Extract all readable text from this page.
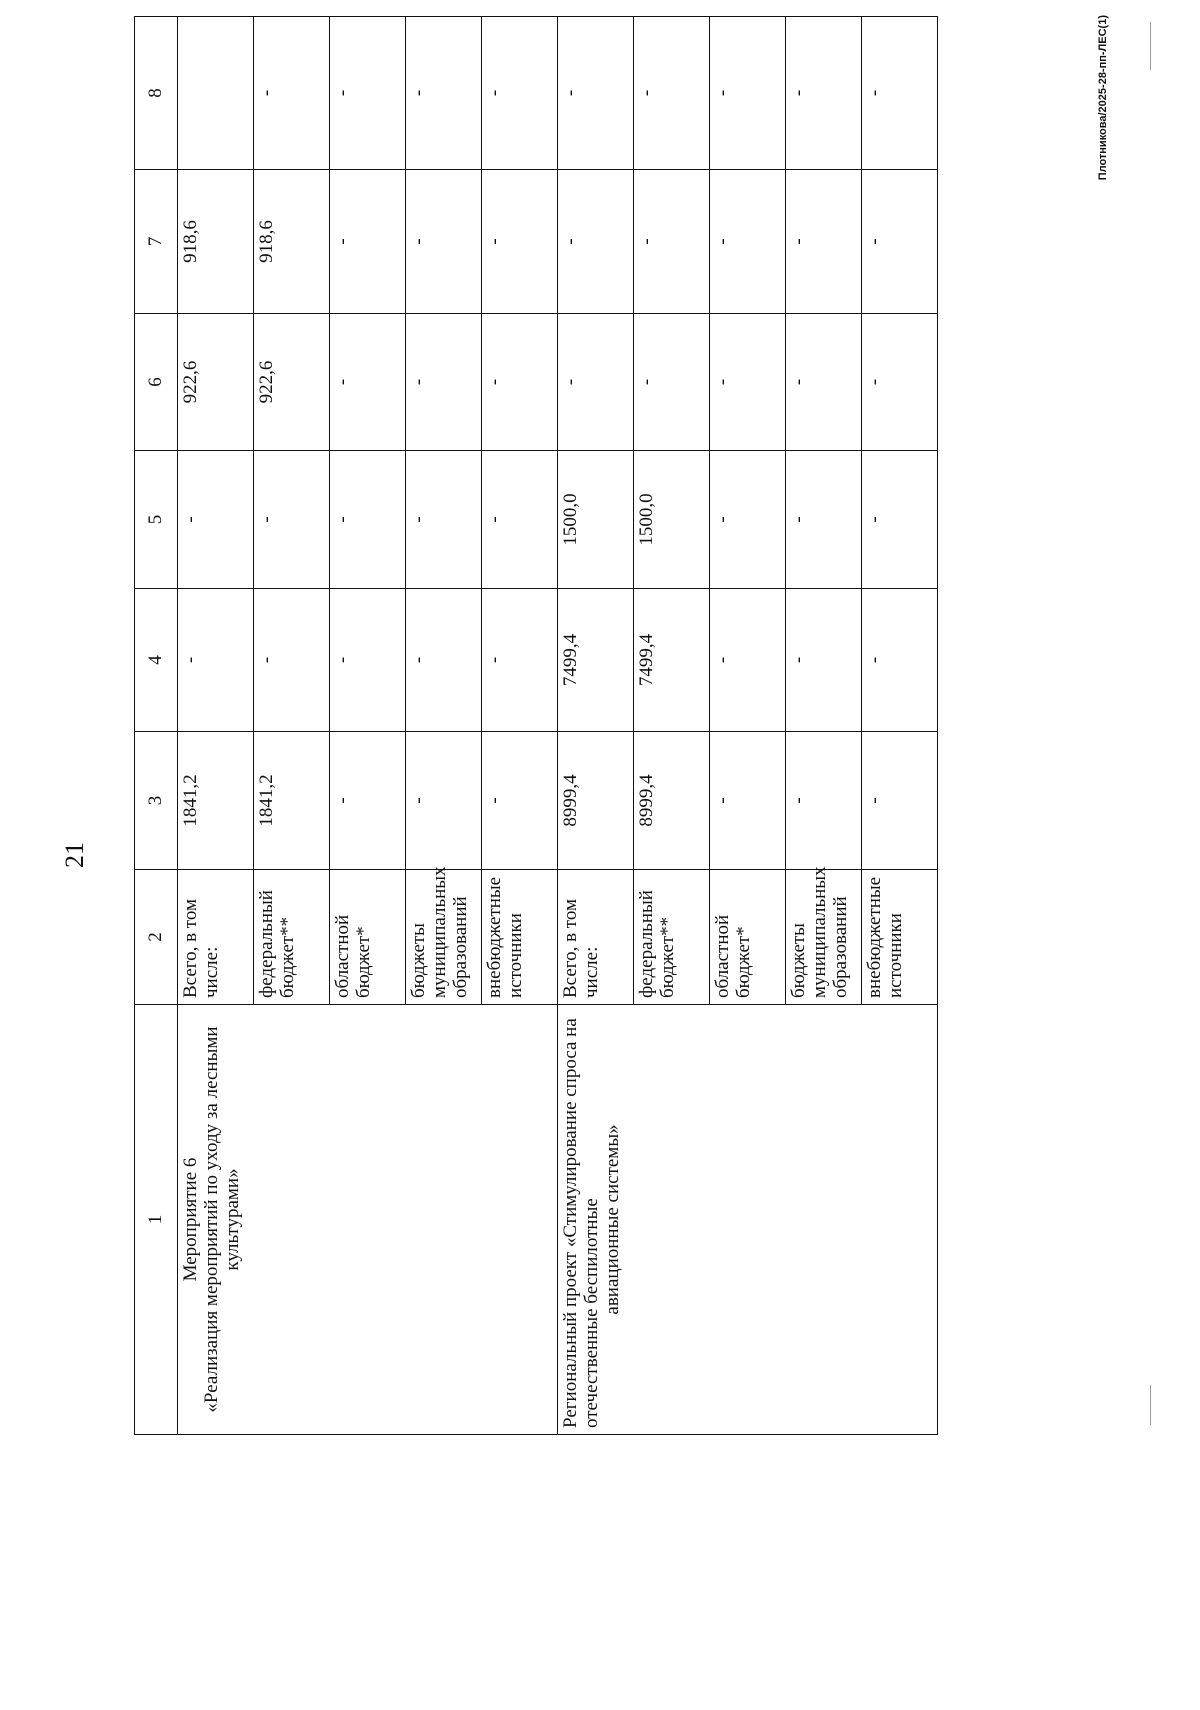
21
Плотникова/2025-28-пп-ЛЕС(1)
1	2	3	4	5	6	7	8

Мероприятие 6 «Реализация мероприятий по уходу за лесными культурами»	Всего, в том числе:	1841,2	-	-	922,6	918,6	
	федеральный бюджет**	1841,2	-	-	922,6	918,6	-
	областной бюджет*	-	-	-	-	-	-
	бюджеты муниципальных образований	-	-	-	-	-	-
	внебюджетные источники	-	-	-	-	-	-

Региональный проект «Стимулирование спроса на отечественные беспилотные авиационные системы»	Всего, в том числе:	8999,4	7499,4	1500,0	-	-	-
	федеральный бюджет**	8999,4	7499,4	1500,0	-	-	-
	областной бюджет*	-	-	-	-	-	-
	бюджеты муниципальных образований	-	-	-	-	-	-
	внебюджетные источники	-	-	-	-	-	-
